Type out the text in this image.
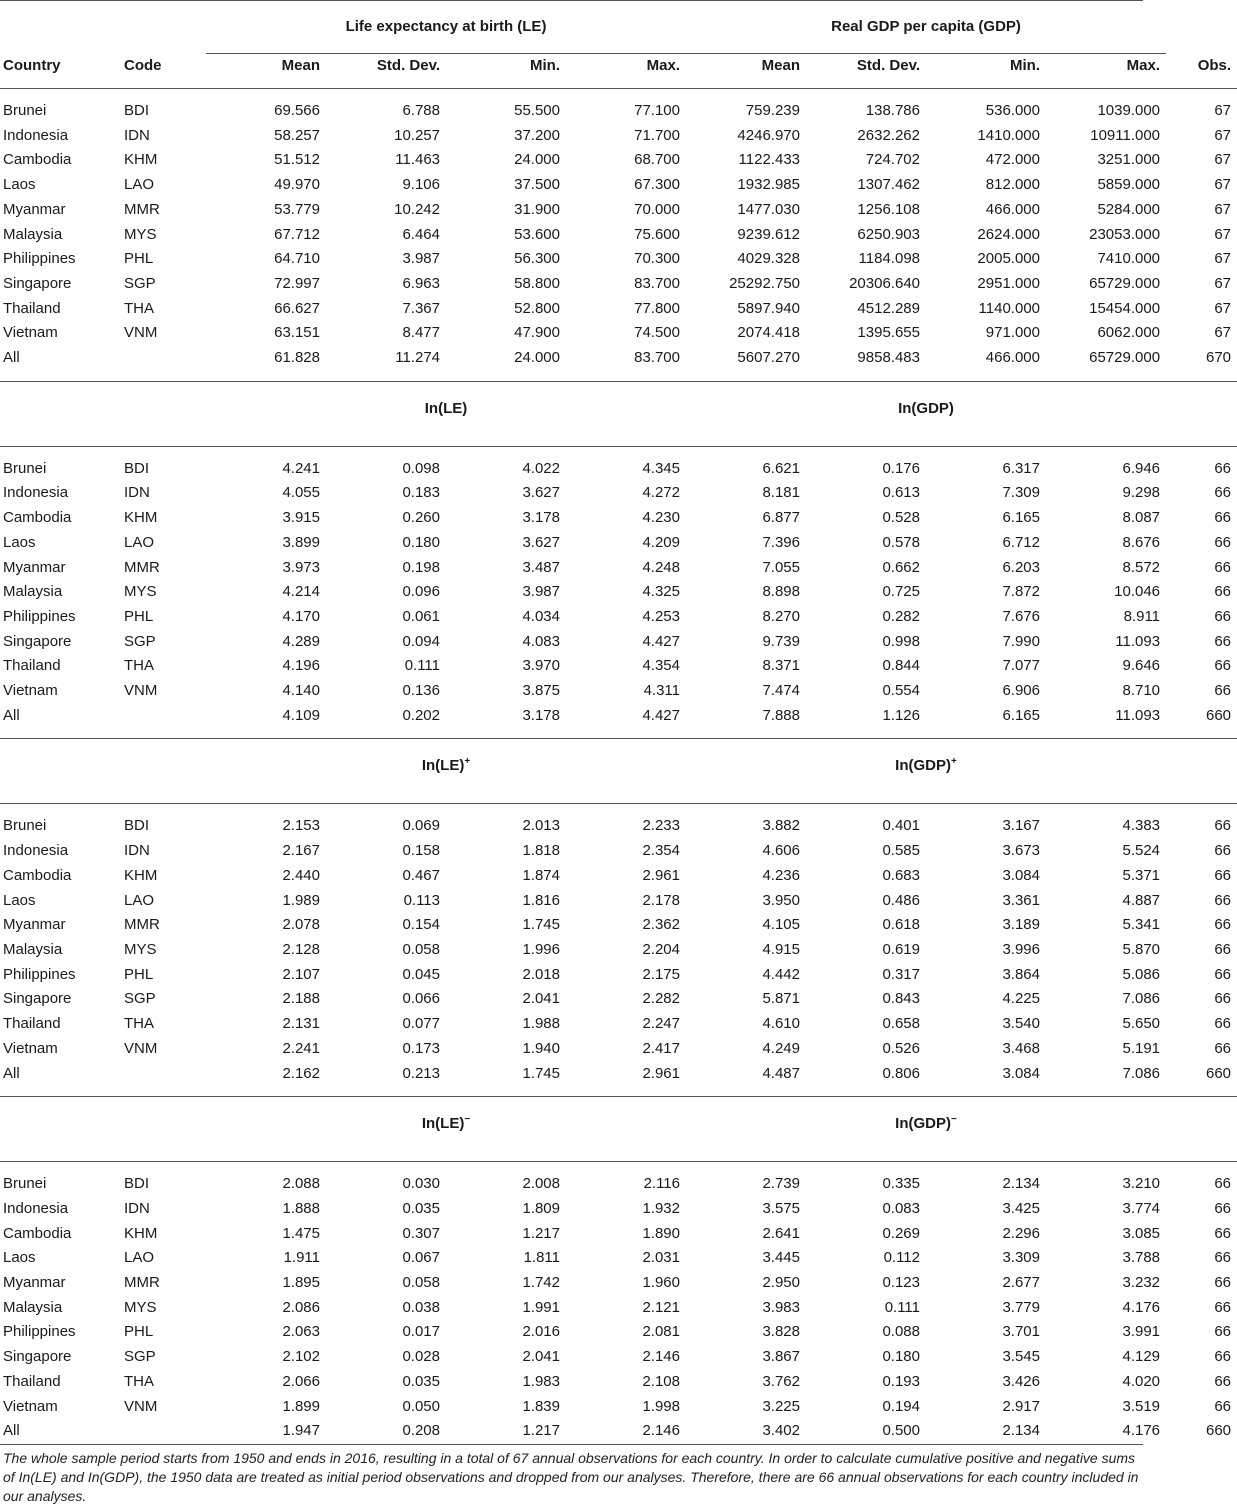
		Life expectancy at birth (LE)				Real GDP per capita (GDP)				
Country	Code	Mean	Std. Dev.	Min.	Max.	Mean	Std. Dev.	Min.	Max.	Obs.

Brunei	BDI	69.566	6.788	55.500	77.100	759.239	138.786	536.000	1039.000	67
Indonesia	IDN	58.257	10.257	37.200	71.700	4246.970	2632.262	1410.000	10911.000	67
Cambodia	KHM	51.512	11.463	24.000	68.700	1122.433	724.702	472.000	3251.000	67
Laos	LAO	49.970	9.106	37.500	67.300	1932.985	1307.462	812.000	5859.000	67
Myanmar	MMR	53.779	10.242	31.900	70.000	1477.030	1256.108	466.000	5284.000	67
Malaysia	MYS	67.712	6.464	53.600	75.600	9239.612	6250.903	2624.000	23053.000	67
Philippines	PHL	64.710	3.987	56.300	70.300	4029.328	1184.098	2005.000	7410.000	67
Singapore	SGP	72.997	6.963	58.800	83.700	25292.750	20306.640	2951.000	65729.000	67
Thailand	THA	66.627	7.367	52.800	77.800	5897.940	4512.289	1140.000	15454.000	67
Vietnam	VNM	63.151	8.477	47.900	74.500	2074.418	1395.655	971.000	6062.000	67
All		61.828	11.274	24.000	83.700	5607.270	9858.483	466.000	65729.000	670

		In(LE)				In(GDP)				

Brunei	BDI	4.241	0.098	4.022	4.345	6.621	0.176	6.317	6.946	66
Indonesia	IDN	4.055	0.183	3.627	4.272	8.181	0.613	7.309	9.298	66
Cambodia	KHM	3.915	0.260	3.178	4.230	6.877	0.528	6.165	8.087	66
Laos	LAO	3.899	0.180	3.627	4.209	7.396	0.578	6.712	8.676	66
Myanmar	MMR	3.973	0.198	3.487	4.248	7.055	0.662	6.203	8.572	66
Malaysia	MYS	4.214	0.096	3.987	4.325	8.898	0.725	7.872	10.046	66
Philippines	PHL	4.170	0.061	4.034	4.253	8.270	0.282	7.676	8.911	66
Singapore	SGP	4.289	0.094	4.083	4.427	9.739	0.998	7.990	11.093	66
Thailand	THA	4.196	0.111	3.970	4.354	8.371	0.844	7.077	9.646	66
Vietnam	VNM	4.140	0.136	3.875	4.311	7.474	0.554	6.906	8.710	66
All		4.109	0.202	3.178	4.427	7.888	1.126	6.165	11.093	660

		In(LE)+				In(GDP)+	

Brunei	BDI	2.153	0.069	2.013	2.233	3.882	0.401	3.167	4.383	66
Indonesia	IDN	2.167	0.158	1.818	2.354	4.606	0.585	3.673	5.524	66
Cambodia	KHM	2.440	0.467	1.874	2.961	4.236	0.683	3.084	5.371	66
Laos	LAO	1.989	0.113	1.816	2.178	3.950	0.486	3.361	4.887	66
Myanmar	MMR	2.078	0.154	1.745	2.362	4.105	0.618	3.189	5.341	66
Malaysia	MYS	2.128	0.058	1.996	2.204	4.915	0.619	3.996	5.870	66
Philippines	PHL	2.107	0.045	2.018	2.175	4.442	0.317	3.864	5.086	66
Singapore	SGP	2.188	0.066	2.041	2.282	5.871	0.843	4.225	7.086	66
Thailand	THA	2.131	0.077	1.988	2.247	4.610	0.658	3.540	5.650	66
Vietnam	VNM	2.241	0.173	1.940	2.417	4.249	0.526	3.468	5.191	66
All		2.162	0.213	1.745	2.961	4.487	0.806	3.084	7.086	660

		In(LE)−				In(GDP)−	

Brunei	BDI	2.088	0.030	2.008	2.116	2.739	0.335	2.134	3.210	66
Indonesia	IDN	1.888	0.035	1.809	1.932	3.575	0.083	3.425	3.774	66
Cambodia	KHM	1.475	0.307	1.217	1.890	2.641	0.269	2.296	3.085	66
Laos	LAO	1.911	0.067	1.811	2.031	3.445	0.112	3.309	3.788	66
Myanmar	MMR	1.895	0.058	1.742	1.960	2.950	0.123	2.677	3.232	66
Malaysia	MYS	2.086	0.038	1.991	2.121	3.983	0.111	3.779	4.176	66
Philippines	PHL	2.063	0.017	2.016	2.081	3.828	0.088	3.701	3.991	66
Singapore	SGP	2.102	0.028	2.041	2.146	3.867	0.180	3.545	4.129	66
Thailand	THA	2.066	0.035	1.983	2.108	3.762	0.193	3.426	4.020	66
Vietnam	VNM	1.899	0.050	1.839	1.998	3.225	0.194	2.917	3.519	66
All		1.947	0.208	1.217	2.146	3.402	0.500	2.134	4.176	660
The whole sample period starts from 1950 and ends in 2016, resulting in a total of 67 annual observations for each country. In order to calculate cumulative positive and negative sums of In(LE) and In(GDP), the 1950 data are treated as initial period observations and dropped from our analyses. Therefore, there are 66 annual observations for each country included in our analyses.
